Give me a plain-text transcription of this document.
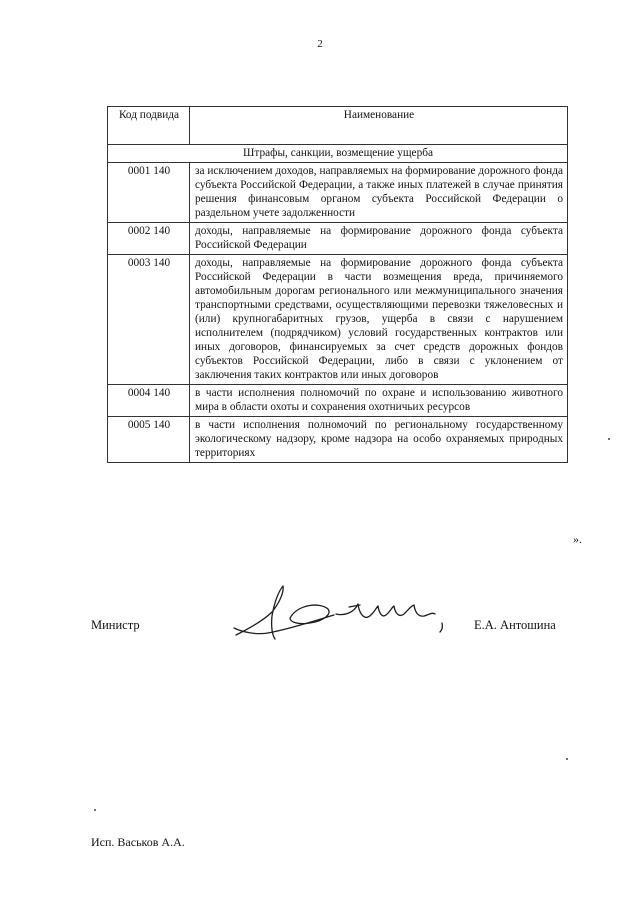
2
Код подвида	Наименование
Штрафы, санкции, возмещение ущерба	
0001 140	за исключением доходов, направляемых на формирование дорожного фонда субъекта Российской Федерации, а также иных платежей в случае принятия решения финансовым органом субъекта Российской Федерации о раздельном учете задолженности
0002 140	доходы, направляемые на формирование дорожного фонда субъекта Российской Федерации
0003 140	доходы, направляемые на формирование дорожного фонда субъекта Российской Федерации в части возмещения вреда, причиняемого автомобильным дорогам регионального или межмуниципального значения транспортными средствами, осуществляющими перевозки тяжеловесных и (или) крупногабаритных грузов, ущерба в связи с нарушением исполнителем (подрядчиком) условий государственных контрактов или иных договоров, финансируемых за счет средств дорожных фондов субъектов Российской Федерации, либо в связи с уклонением от заключения таких контрактов или иных договоров
0004 140	в части исполнения полномочий по охране и использованию животного мира в области охоты и сохранения охотничьих ресурсов
0005 140	в части исполнения полномочий по региональному государственному экологическому надзору, кроме надзора на особо охраняемых природных территориях
».
Министр	Е.А. Антошина
Исп. Васьков А.А.
